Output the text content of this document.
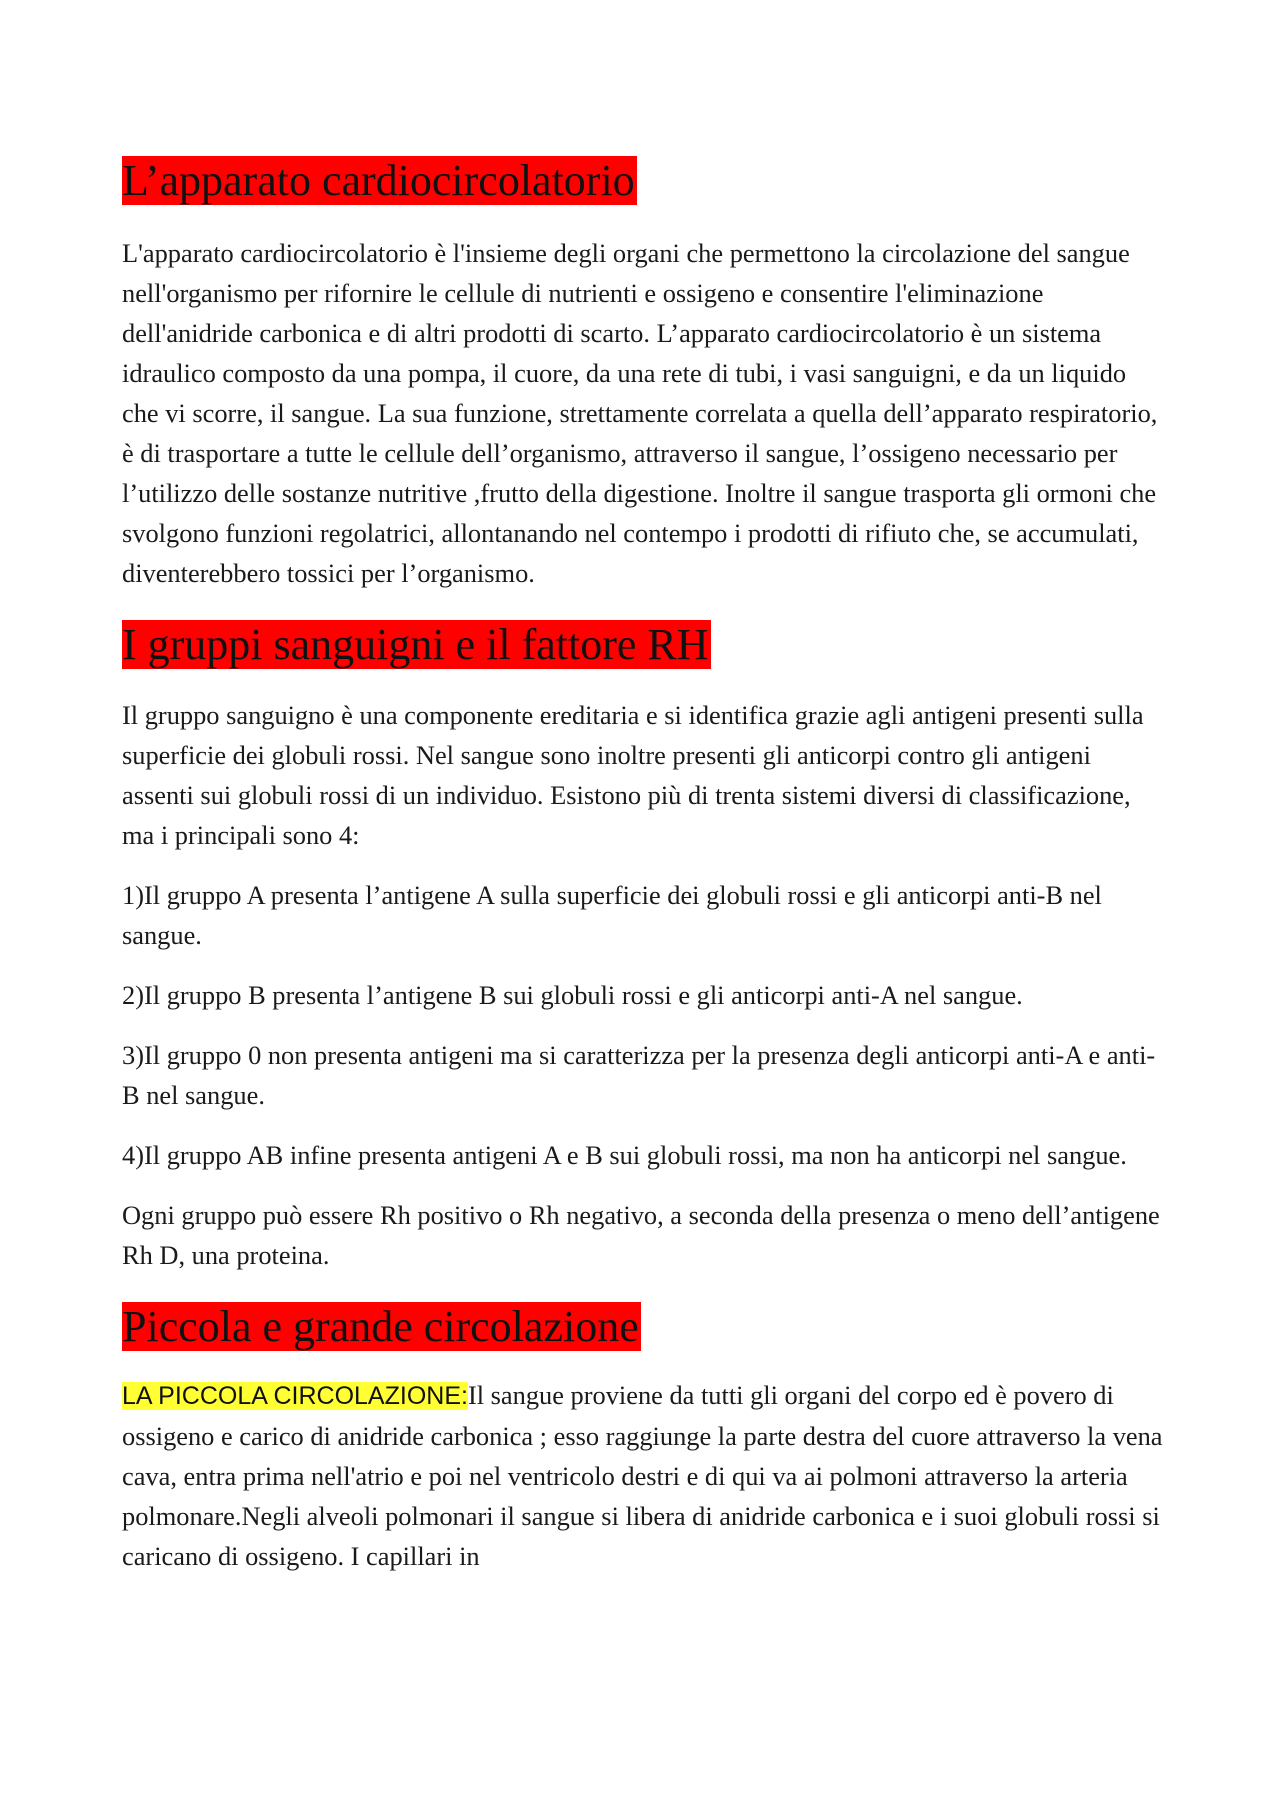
L’apparato cardiocircolatorio

L'apparato cardiocircolatorio è l'insieme degli organi che permettono la circolazione del sangue nell'organismo per rifornire le cellule di nutrienti e ossigeno e consentire l'eliminazione dell'anidride carbonica e di altri prodotti di scarto. L’apparato cardiocircolatorio è un sistema idraulico composto da una pompa, il cuore, da una rete di tubi, i vasi sanguigni, e da un liquido che vi scorre, il sangue. La sua funzione, strettamente correlata a quella dell’apparato respiratorio, è di trasportare a tutte le cellule dell’organismo, attraverso il sangue, l’ossigeno necessario per l’utilizzo delle sostanze nutritive ,frutto della digestione. Inoltre il sangue trasporta gli ormoni che svolgono funzioni regolatrici, allontanando nel contempo i prodotti di rifiuto che, se accumulati, diventerebbero tossici per l’organismo.

I gruppi sanguigni e il fattore RH

Il gruppo sanguigno è una componente ereditaria e si identifica grazie agli antigeni presenti sulla superficie dei globuli rossi. Nel sangue sono inoltre presenti gli anticorpi contro gli antigeni assenti sui globuli rossi di un individuo. Esistono più di trenta sistemi diversi di classificazione, ma i principali sono 4:

1)Il gruppo A presenta l’antigene A sulla superficie dei globuli rossi e gli anticorpi anti-B nel sangue.

2)Il gruppo B presenta l’antigene B sui globuli rossi e gli anticorpi anti-A nel sangue.

3)Il gruppo 0 non presenta antigeni ma si caratterizza per la presenza degli anticorpi anti-A e anti-B nel sangue.

4)Il gruppo AB infine presenta antigeni A e B sui globuli rossi, ma non ha anticorpi nel sangue.

Ogni gruppo può essere Rh positivo o Rh negativo, a seconda della presenza o meno dell’antigene Rh D, una proteina.

Piccola e grande circolazione

LA PICCOLA CIRCOLAZIONE:Il sangue proviene da tutti gli organi del corpo ed è povero di ossigeno e carico di anidride carbonica ; esso raggiunge la parte destra del cuore attraverso la vena cava, entra prima nell'atrio e poi nel ventricolo destri e di qui va ai polmoni attraverso la arteria polmonare.Negli alveoli polmonari il sangue si libera di anidride carbonica e i suoi globuli rossi si caricano di ossigeno. I capillari in
